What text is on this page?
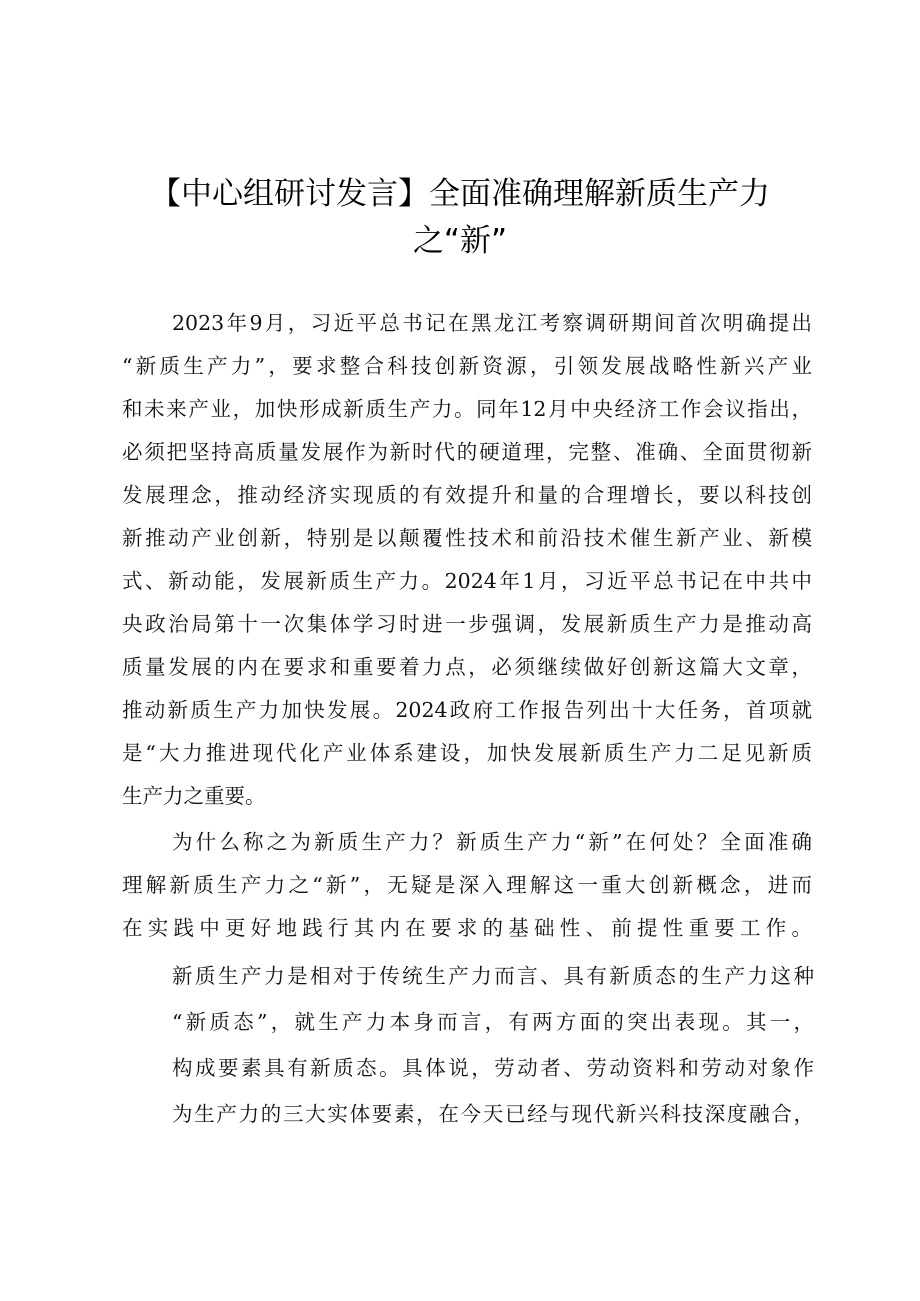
【中心组研讨发言】全面准确理解新质生产力
之“新”
2023年9月，习近平总书记在黑龙江考察调研期间首次明确提出
“新质生产力”，要求整合科技创新资源，引领发展战略性新兴产业
和未来产业，加快形成新质生产力。同年12月中央经济工作会议指出，
必须把坚持高质量发展作为新时代的硬道理，完整、准确、全面贯彻新
发展理念，推动经济实现质的有效提升和量的合理增长，要以科技创
新推动产业创新，特别是以颠覆性技术和前沿技术催生新产业、新模
式、新动能，发展新质生产力。2024年1月，习近平总书记在中共中
央政治局第十一次集体学习时进一步强调，发展新质生产力是推动高
质量发展的内在要求和重要着力点，必须继续做好创新这篇大文章，
推动新质生产力加快发展。2024政府工作报告列出十大任务，首项就
是“大力推进现代化产业体系建设，加快发展新质生产力二足见新质
生产力之重要。
为什么称之为新质生产力？新质生产力“新”在何处？全面准确
理解新质生产力之“新”，无疑是深入理解这一重大创新概念，进而
在实践中更好地践行其内在要求的基础性、前提性重要工作。
新质生产力是相对于传统生产力而言、具有新质态的生产力这种
“新质态”，就生产力本身而言，有两方面的突出表现。其一，
构成要素具有新质态。具体说，劳动者、劳动资料和劳动对象作
为生产力的三大实体要素，在今天已经与现代新兴科技深度融合，
